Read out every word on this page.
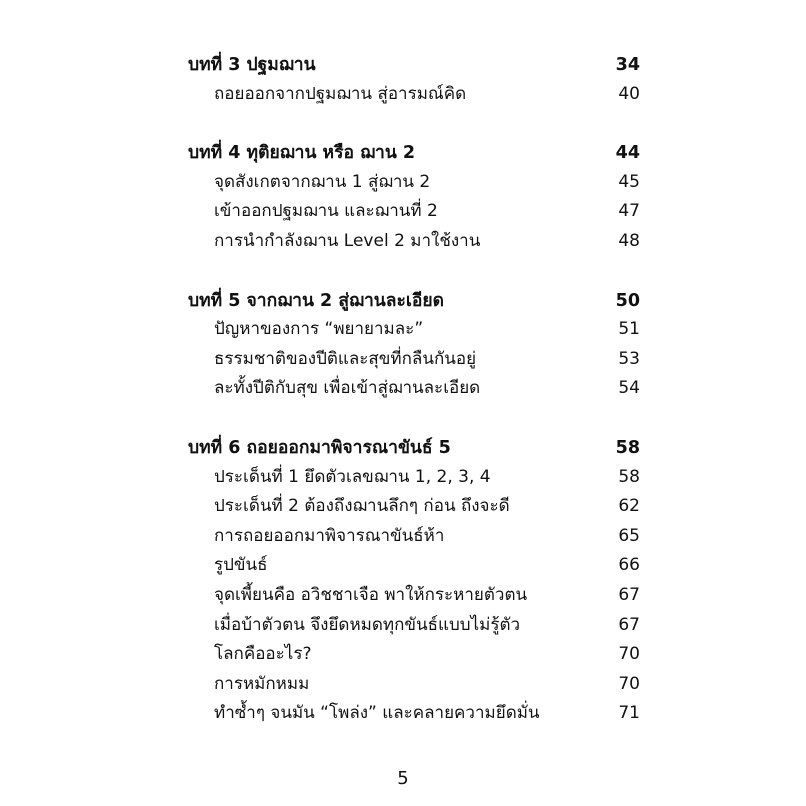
บทที่ 3 ปฐมฌาน	34
ถอยออกจากปฐมฌาน สู่อารมณ์คิด	40
บทที่ 4 ทุติยฌาน หรือ ฌาน 2	44
จุดสังเกตจากฌาน 1 สู่ฌาน 2	45
เข้าออกปฐมฌาน และฌานที่ 2	47
การนำกำลังฌาน Level 2 มาใช้งาน	48
บทที่ 5 จากฌาน 2 สู่ฌานละเอียด	50
ปัญหาของการ “พยายามละ”	51
ธรรมชาติของปีติและสุขที่กลืนกันอยู่	53
ละทั้งปีติกับสุข เพื่อเข้าสู่ฌานละเอียด	54
บทที่ 6 ถอยออกมาพิจารณาขันธ์ 5	58
ประเด็นที่ 1 ยึดตัวเลขฌาน 1, 2, 3, 4	58
ประเด็นที่ 2 ต้องถึงฌานลึกๆ ก่อน ถึงจะดี	62
การถอยออกมาพิจารณาขันธ์ห้า	65
รูปขันธ์	66
จุดเพี้ยนคือ อวิชชาเจือ พาให้กระหายตัวตน	67
เมื่อบ้าตัวตน จึงยึดหมดทุกขันธ์แบบไม่รู้ตัว	67
โลกคืออะไร?	70
การหมักหมม	70
ทำซ้ำๆ จนมัน “โพล่ง” และคลายความยึดมั่น	71
5
